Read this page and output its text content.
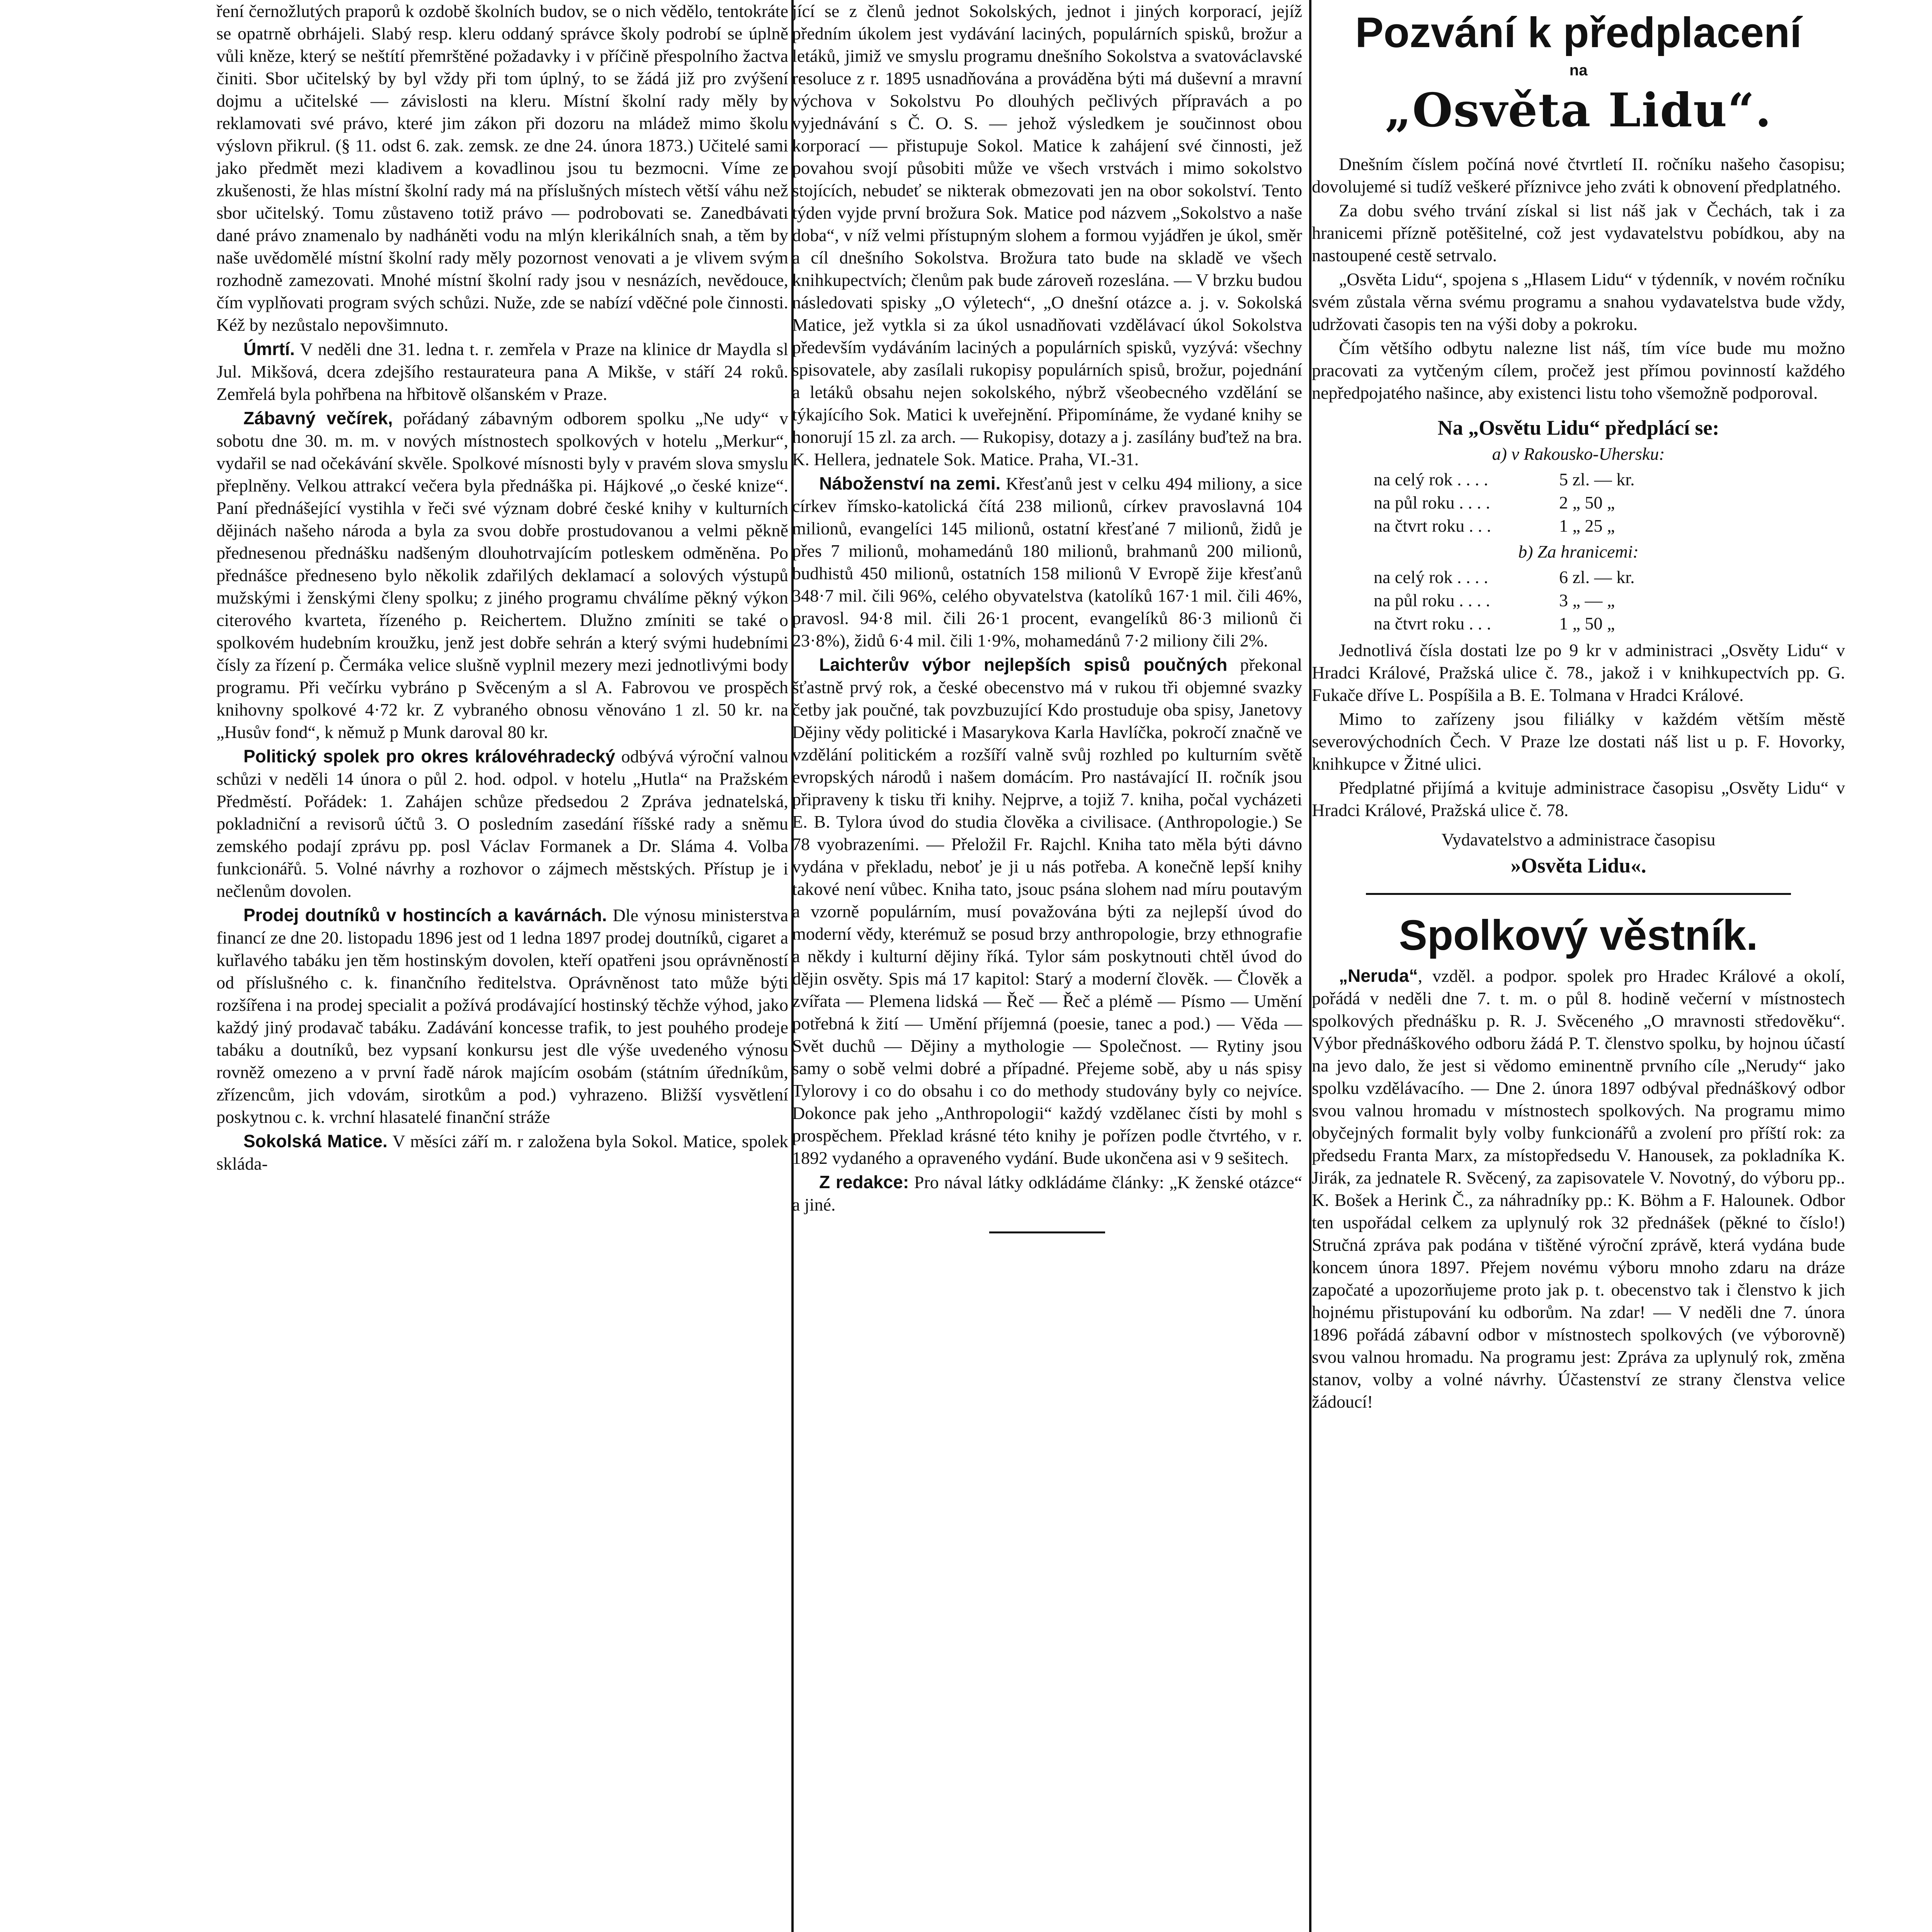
ření černožlutých praporů k ozdobě školních budov, se o nich vědělo, tentokráte se opatrně obrhájeli. Slabý resp. kleru oddaný správce školy podrobí se úplně vůli kněze, který se neštítí přemrštěné požadavky i v příčině přespolního žactva činiti. Sbor učitelský by byl vždy při tom úplný, to se žádá již pro zvýšení dojmu a učitelské — závislosti na kleru. Místní školní rady měly by reklamovati své právo, které jim zákon při dozoru na mládež mimo školu výslovn přikrul. (§ 11. odst 6. zak. zemsk. ze dne 24. února 1873.) Učitelé sami jako předmět mezi kladivem a kovadlinou jsou tu bezmocni. Víme ze zkušenosti, že hlas místní školní rady má na příslušných místech větší váhu než sbor učitelský. Tomu zůstaveno totiž právo — podrobovati se. Zanedbávati dané právo znamenalo by nadháněti vodu na mlýn klerikálních snah, a těm by naše uvědomělé místní školní rady měly pozornost venovati a je vlivem svým rozhodně zamezovati. Mnohé místní školní rady jsou v nesnázích, nevědouce, čím vyplňovati program svých schůzi. Nuže, zde se nabízí vděčné pole činnosti. Kéž by nezůstalo nepovšimnuto.

Úmrtí. V neděli dne 31. ledna t. r. zemřela v Praze na klinice dr Maydla sl Jul. Mikšová, dcera zdejšího restaurateura pana A Mikše, v stáří 24 roků. Zemřelá byla pohřbena na hřbitově olšanském v Praze.

Zábavný večírek, pořádaný zábavným odborem spolku „Ne udy“ v sobotu dne 30. m. m. v nových místnostech spolkových v hotelu „Merkur“, vydařil se nad očekávání skvěle. Spolkové mísnosti byly v pravém slova smyslu přeplněny. Velkou attrakcí večera byla přednáška pi. Hájkové „o české knize“. Paní přednášející vystihla v řeči své význam dobré české knihy v kulturních dějinách našeho národa a byla za svou dobře prostudovanou a velmi pěkně přednesenou přednášku nadšeným dlouhotrvajícím potleskem odměněna. Po přednášce předneseno bylo několik zdařilých deklamací a solových výstupů mužskými i ženskými členy spolku; z jiného programu chválíme pěkný výkon citerového kvarteta, řízeného p. Reichertem. Dlužno zmíniti se také o spolkovém hudebním kroužku, jenž jest dobře sehrán a který svými hudebními čísly za řízení p. Čermáka velice slušně vyplnil mezery mezi jednotlivými body programu. Při večírku vybráno p Svěceným a sl A. Fabrovou ve prospěch knihovny spolkové 4·72 kr. Z vybraného obnosu věnováno 1 zl. 50 kr. na „Husův fond“, k němuž p Munk daroval 80 kr.

Politický spolek pro okres královéhradecký odbývá výroční valnou schůzi v neděli 14 února o půl 2. hod. odpol. v hotelu „Hutla“ na Pražském Předměstí. Pořádek: 1. Zahájen schůze předsedou 2 Zpráva jednatelská, pokladniční a revisorů účtů 3. O posledním zasedání říšské rady a sněmu zemského podají zprávu pp. posl Václav Formanek a Dr. Sláma 4. Volba funkcionářů. 5. Volné návrhy a rozhovor o zájmech městských. Přístup je i nečlenům dovolen.

Prodej doutníků v hostincích a kavárnách. Dle výnosu ministerstva financí ze dne 20. listopadu 1896 jest od 1 ledna 1897 prodej doutníků, cigaret a kuřlavého tabáku jen těm hostinským dovolen, kteří opatřeni jsou oprávněností od příslušného c. k. finančního ředitelstva. Oprávněnost tato může býti rozšířena i na prodej specialit a požívá prodávající hostinský těchže výhod, jako každý jiný prodavač tabáku. Zadávání koncesse trafik, to jest pouhého prodeje tabáku a doutníků, bez vypsaní konkursu jest dle výše uvedeného výnosu rovněž omezeno a v první řadě nárok majícím osobám (státním úředníkům, zřízencům, jich vdovám, sirotkům a pod.) vyhrazeno. Bližší vysvětlení poskytnou c. k. vrchní hlasatelé finanční stráže

Sokolská Matice. V měsíci září m. r založena byla Sokol. Matice, spolek skláda-

jící se z členů jednot Sokolských, jednot i jiných korporací, jejíž předním úkolem jest vydávání laciných, populárních spisků, brožur a letáků, jimiž ve smyslu programu dnešního Sokolstva a svatováclavské resoluce z r. 1895 usnadňována a prováděna býti má duševní a mravní výchova v Sokolstvu Po dlouhých pečlivých přípravách a po vyjednávání s Č. O. S. — jehož výsledkem je součinnost obou korporací — přistupuje Sokol. Matice k zahájení své činnosti, jež povahou svojí působiti může ve všech vrstvách i mimo sokolstvo stojících, nebudeť se nikterak obmezovati jen na obor sokolství. Tento týden vyjde první brožura Sok. Matice pod názvem „Sokolstvo a naše doba“, v níž velmi přístupným slohem a formou vyjádřen je úkol, směr a cíl dnešního Sokolstva. Brožura tato bude na skladě ve všech knihkupectvích; členům pak bude zároveň rozeslána. — V brzku budou následovati spisky „O výletech“, „O dnešní otázce a. j. v. Sokolská Matice, jež vytkla si za úkol usnadňovati vzdělávací úkol Sokolstva především vydáváním laciných a populárních spisků, vyzývá: všechny spisovatele, aby zasílali rukopisy populárních spisů, brožur, pojednání a letáků obsahu nejen sokolského, nýbrž všeobecného vzdělání se týkajícího Sok. Matici k uveřejnění. Připomínáme, že vydané knihy se honorují 15 zl. za arch. — Rukopisy, dotazy a j. zasílány buďtež na bra. K. Hellera, jednatele Sok. Matice. Praha, VI.-31.

Náboženství na zemi. Křesťanů jest v celku 494 miliony, a sice církev římsko-katolická čítá 238 milionů, církev pravoslavná 104 milionů, evangelíci 145 milionů, ostatní křesťané 7 milionů, židů je přes 7 milionů, mohamedánů 180 milionů, brahmanů 200 milionů, budhistů 450 milionů, ostatních 158 milionů V Evropě žije křesťanů 348·7 mil. čili 96%, celého obyvatelstva (katolíků 167·1 mil. čili 46%, pravosl. 94·8 mil. čili 26·1 procent, evangelíků 86·3 milionů či 23·8%), židů 6·4 mil. čili 1·9%, mohamedánů 7·2 miliony čili 2%.

Laichterův výbor nejlepších spisů poučných překonal šťastně prvý rok, a české obecenstvo má v rukou tři objemné svazky četby jak poučné, tak povzbuzující Kdo prostuduje oba spisy, Janetovy Dějiny vědy politické i Masarykova Karla Havlíčka, pokročí značně ve vzdělání politickém a rozšíří valně svůj rozhled po kulturním světě evropských národů i našem domácím. Pro nastávající II. ročník jsou připraveny k tisku tři knihy. Nejprve, a tojiž 7. kniha, počal vycházeti E. B. Tylora úvod do studia člověka a civilisace. (Anthropologie.) Se 78 vyobrazeními. — Přeložil Fr. Rajchl. Kniha tato měla býti dávno vydána v překladu, neboť je ji u nás potřeba. A konečně lepší knihy takové není vůbec. Kniha tato, jsouc psána slohem nad míru poutavým a vzorně populárním, musí považována býti za nejlepší úvod do moderní vědy, kterémuž se posud brzy anthropologie, brzy ethnografie a někdy i kulturní dějiny říká. Tylor sám poskytnouti chtěl úvod do dějin osvěty. Spis má 17 kapitol: Starý a moderní člověk. — Člověk a zvířata — Plemena lidská — Řeč — Řeč a plémě — Písmo — Umění potřebná k žití — Umění příjemná (poesie, tanec a pod.) — Věda — Svět duchů — Dějiny a mythologie — Společnost. — Rytiny jsou samy o sobě velmi dobré a případné. Přejeme sobě, aby u nás spisy Tylorovy i co do obsahu i co do methody studovány byly co nejvíce. Dokonce pak jeho „Anthropologii“ každý vzdělanec čísti by mohl s prospěchem. Překlad krásné této knihy je pořízen podle čtvrtého, v r. 1892 vydaného a opraveného vydání. Bude ukončena asi v 9 sešitech.

Z redakce: Pro nával látky odkládáme články: „K ženské otázce“ a jiné.

Pozvání k předplacení
na
„Osvěta Lidu“.

Dnešním číslem počíná nové čtvrtletí II. ročníku našeho časopisu; dovolujemé si tudíž veškeré příznivce jeho zváti k obnovení předplatného.

Za dobu svého trvání získal si list náš jak v Čechách, tak i za hranicemi přízně potěšitelné, což jest vydavatelstvu pobídkou, aby na nastoupené cestě setrvalo.

„Osvěta Lidu“, spojena s „Hlasem Lidu“ v týdenník, v novém ročníku svém zůstala věrna svému programu a snahou vydavatelstva bude vždy, udržovati časopis ten na výši doby a pokroku.

Čím většího odbytu nalezne list náš, tím více bude mu možno pracovati za vytčeným cílem, pročež jest přímou povinností každého nepředpojatého našince, aby existenci listu toho všemožně podporoval.

Na „Osvětu Lidu“ předplácí se:
a) v Rakousko-Uhersku:
na celý rok . . . .	5 zl. — kr.
na půl roku . . . .	2 „ 50 „
na čtvrt roku . . .	1 „ 25 „
b) Za hranicemi:
na celý rok . . . .	6 zl. — kr.
na půl roku . . . .	3 „ — „
na čtvrt roku . . .	1 „ 50 „

Jednotlivá čísla dostati lze po 9 kr v administraci „Osvěty Lidu“ v Hradci Králové, Pražská ulice č. 78., jakož i v knihkupectvích pp. G. Fukače dříve L. Pospíšila a B. E. Tolmana v Hradci Králové.

Mimo to zařízeny jsou filiálky v každém větším městě severovýchodních Čech. V Praze lze dostati náš list u p. F. Hovorky, knihkupce v Žitné ulici.

Předplatné přijímá a kvituje administrace časopisu „Osvěty Lidu“ v Hradci Králové, Pražská ulice č. 78.

Vydavatelstvo a administrace časopisu
»Osvěta Lidu«.
Spolkový věstník.

„Neruda“, vzděl. a podpor. spolek pro Hradec Králové a okolí, pořádá v neděli dne 7. t. m. o půl 8. hodině večerní v místnostech spolkových přednášku p. R. J. Svěceného „O mravnosti středověku“. Výbor přednáškového odboru žádá P. T. členstvo spolku, by hojnou účastí na jevo dalo, že jest si vědomo eminentně prvního cíle „Nerudy“ jako spolku vzdělávacího. — Dne 2. února 1897 odbýval přednáškový odbor svou valnou hromadu v místnostech spolkových. Na programu mimo obyčejných formalit byly volby funkcionářů a zvolení pro příští rok: za předsedu Franta Marx, za místopředsedu V. Hanousek, za pokladníka K. Jirák, za jednatele R. Svěcený, za zapisovatele V. Novotný, do výboru pp.. K. Bošek a Herink Č., za náhradníky pp.: K. Böhm a F. Halounek. Odbor ten uspořádal celkem za uplynulý rok 32 přednášek (pěkné to číslo!) Stručná zpráva pak podána v tištěné výroční zprávě, která vydána bude koncem února 1897. Přejem novému výboru mnoho zdaru na dráze započaté a upozorňujeme proto jak p. t. obecenstvo tak i členstvo k jich hojnému přistupování ku odborům. Na zdar! — V neděli dne 7. února 1896 pořádá zábavní odbor v místnostech spolkových (ve výborovně) svou valnou hromadu. Na programu jest: Zpráva za uplynulý rok, změna stanov, volby a volné návrhy. Účastenství ze strany členstva velice žádoucí!
